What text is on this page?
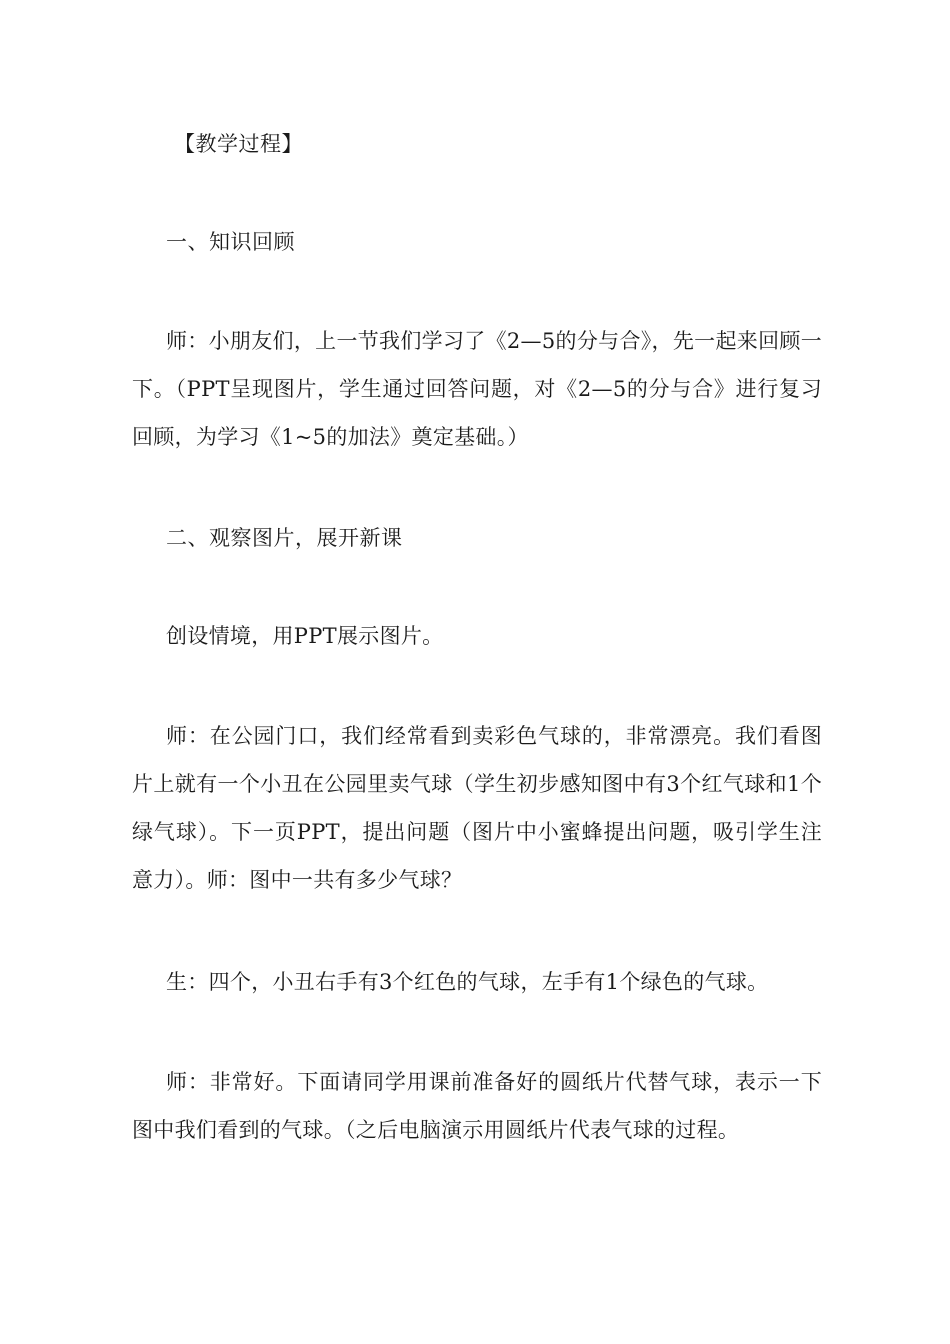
【教学过程】

一、知识回顾

师：小朋友们，上一节我们学习了《2—5的分与合》，先一起来回顾一下。（PPT呈现图片，学生通过回答问题，对《2—5的分与合》进行复习回顾，为学习《1~5的加法》奠定基础。）

二、观察图片，展开新课

创设情境，用PPT展示图片。

师：在公园门口，我们经常看到卖彩色气球的，非常漂亮。我们看图片上就有一个小丑在公园里卖气球（学生初步感知图中有3个红气球和1个绿气球）。下一页PPT，提出问题（图片中小蜜蜂提出问题，吸引学生注意力）。师：图中一共有多少气球？

生：四个，小丑右手有3个红色的气球，左手有1个绿色的气球。

师：非常好。下面请同学用课前准备好的圆纸片代替气球，表示一下图中我们看到的气球。（之后电脑演示用圆纸片代表气球的过程。
